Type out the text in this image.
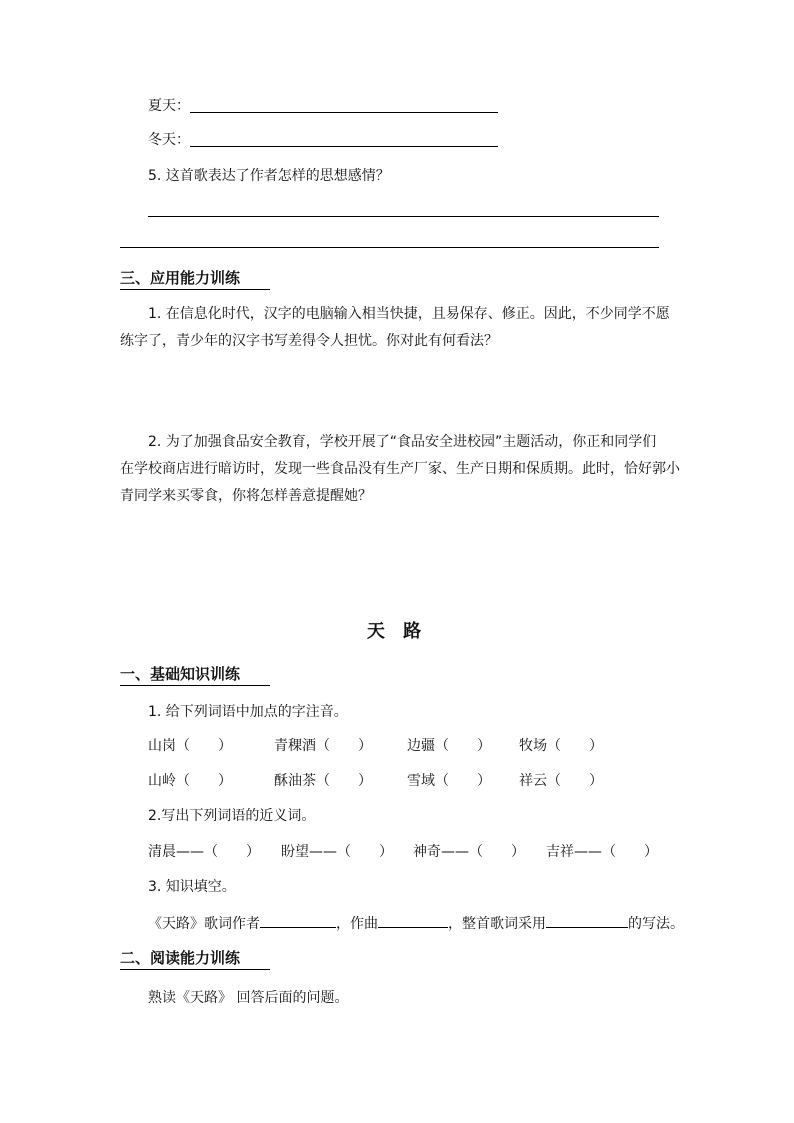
夏天：
冬天：
5. 这首歌表达了作者怎样的思想感情？
三、应用能力训练
1. 在信息化时代，汉字的电脑输入相当快捷，且易保存、修正。因此，不少同学不愿
练字了，青少年的汉字书写差得令人担忧。你对此有何看法？
2. 为了加强食品安全教育，学校开展了“食品安全进校园”主题活动，你正和同学们
在学校商店进行暗访时，发现一些食品没有生产厂家、生产日期和保质期。此时，恰好郭小
青同学来买零食，你将怎样善意提醒她？
天 路
一、基础知识训练
1. 给下列词语中加点的字注音。
山岗（　　）	青稞酒（　　）	边疆（　　） 牧场（　　）
山岭（　　）	酥油茶（　　）	雪域（　　） 祥云（　　）
2.写出下列词语的近义词。
清晨——（　　） 盼望——（　　） 神奇——（　　） 吉祥——（　　）
3. 知识填空。
《天路》歌词作者	，作曲	，整首歌词采用	的写法。
二、阅读能力训练
熟读《天路》 回答后面的问题。
